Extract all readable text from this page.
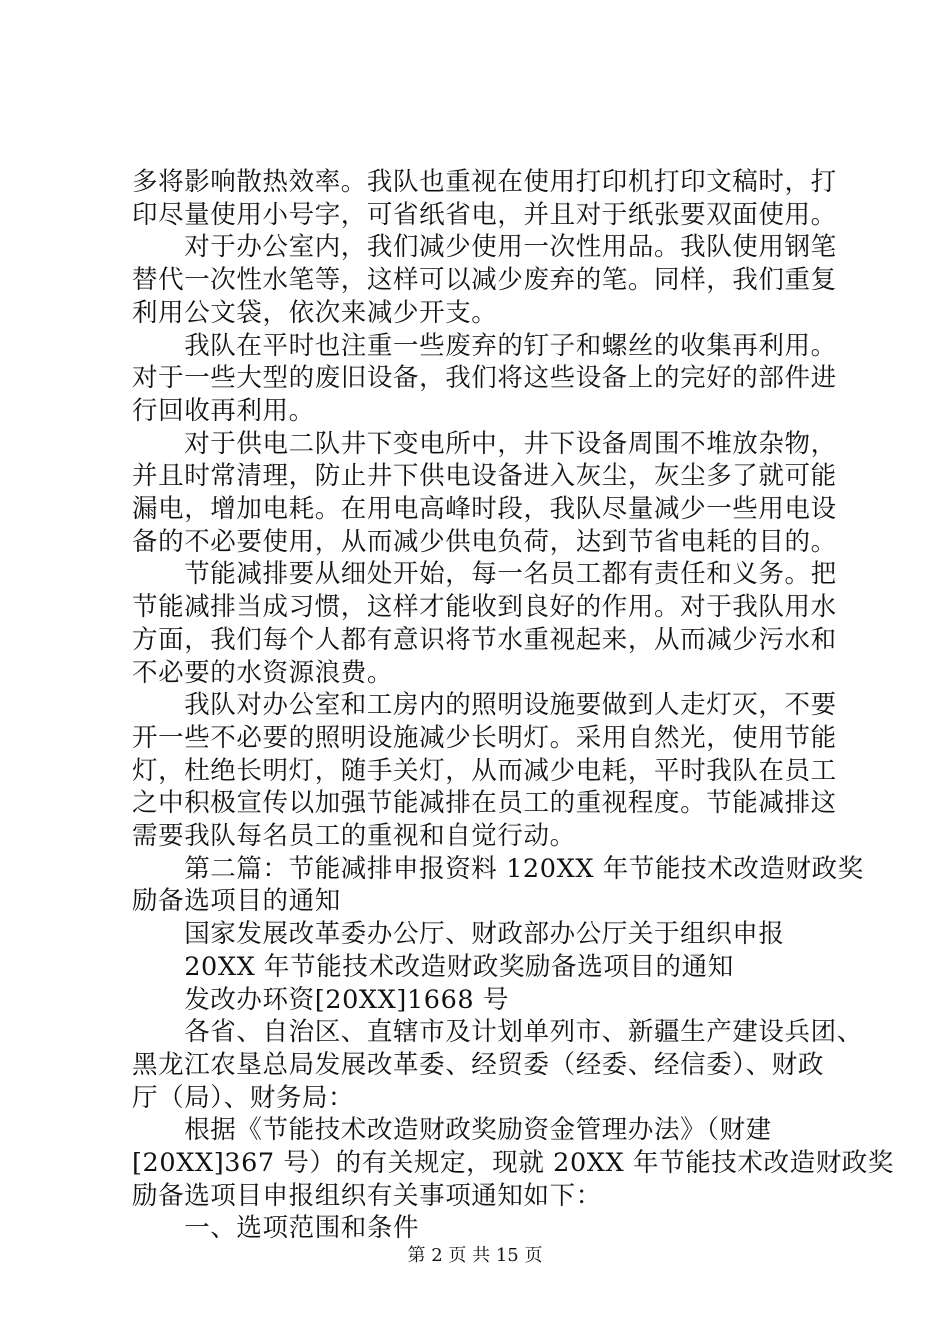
多将影响散热效率。我队也重视在使用打印机打印文稿时，打
印尽量使用小号字，可省纸省电，并且对于纸张要双面使用。
　　对于办公室内，我们减少使用一次性用品。我队使用钢笔
替代一次性水笔等，这样可以减少废弃的笔。同样，我们重复
利用公文袋，依次来减少开支。
　　我队在平时也注重一些废弃的钉子和螺丝的收集再利用。
对于一些大型的废旧设备，我们将这些设备上的完好的部件进
行回收再利用。
　　对于供电二队井下变电所中，井下设备周围不堆放杂物，
并且时常清理，防止井下供电设备进入灰尘，灰尘多了就可能
漏电，增加电耗。在用电高峰时段，我队尽量减少一些用电设
备的不必要使用，从而减少供电负荷，达到节省电耗的目的。
　　节能减排要从细处开始，每一名员工都有责任和义务。把
节能减排当成习惯，这样才能收到良好的作用。对于我队用水
方面，我们每个人都有意识将节水重视起来，从而减少污水和
不必要的水资源浪费。
　　我队对办公室和工房内的照明设施要做到人走灯灭，不要
开一些不必要的照明设施减少长明灯。采用自然光，使用节能
灯，杜绝长明灯，随手关灯，从而减少电耗，平时我队在员工
之中积极宣传以加强节能减排在员工的重视程度。节能减排这
需要我队每名员工的重视和自觉行动。
　　第二篇：节能减排申报资料 120XX 年节能技术改造财政奖
励备选项目的通知
　　国家发展改革委办公厅、财政部办公厅关于组织申报
　　20XX 年节能技术改造财政奖励备选项目的通知
　　发改办环资[20XX]1668 号
　　各省、自治区、直辖市及计划单列市、新疆生产建设兵团、
黑龙江农垦总局发展改革委、经贸委（经委、经信委）、财政
厅（局）、财务局：
　　根据《节能技术改造财政奖励资金管理办法》（财建
[20XX]367 号）的有关规定，现就 20XX 年节能技术改造财政奖
励备选项目申报组织有关事项通知如下：
　　一、选项范围和条件
第 2 页 共 15 页
